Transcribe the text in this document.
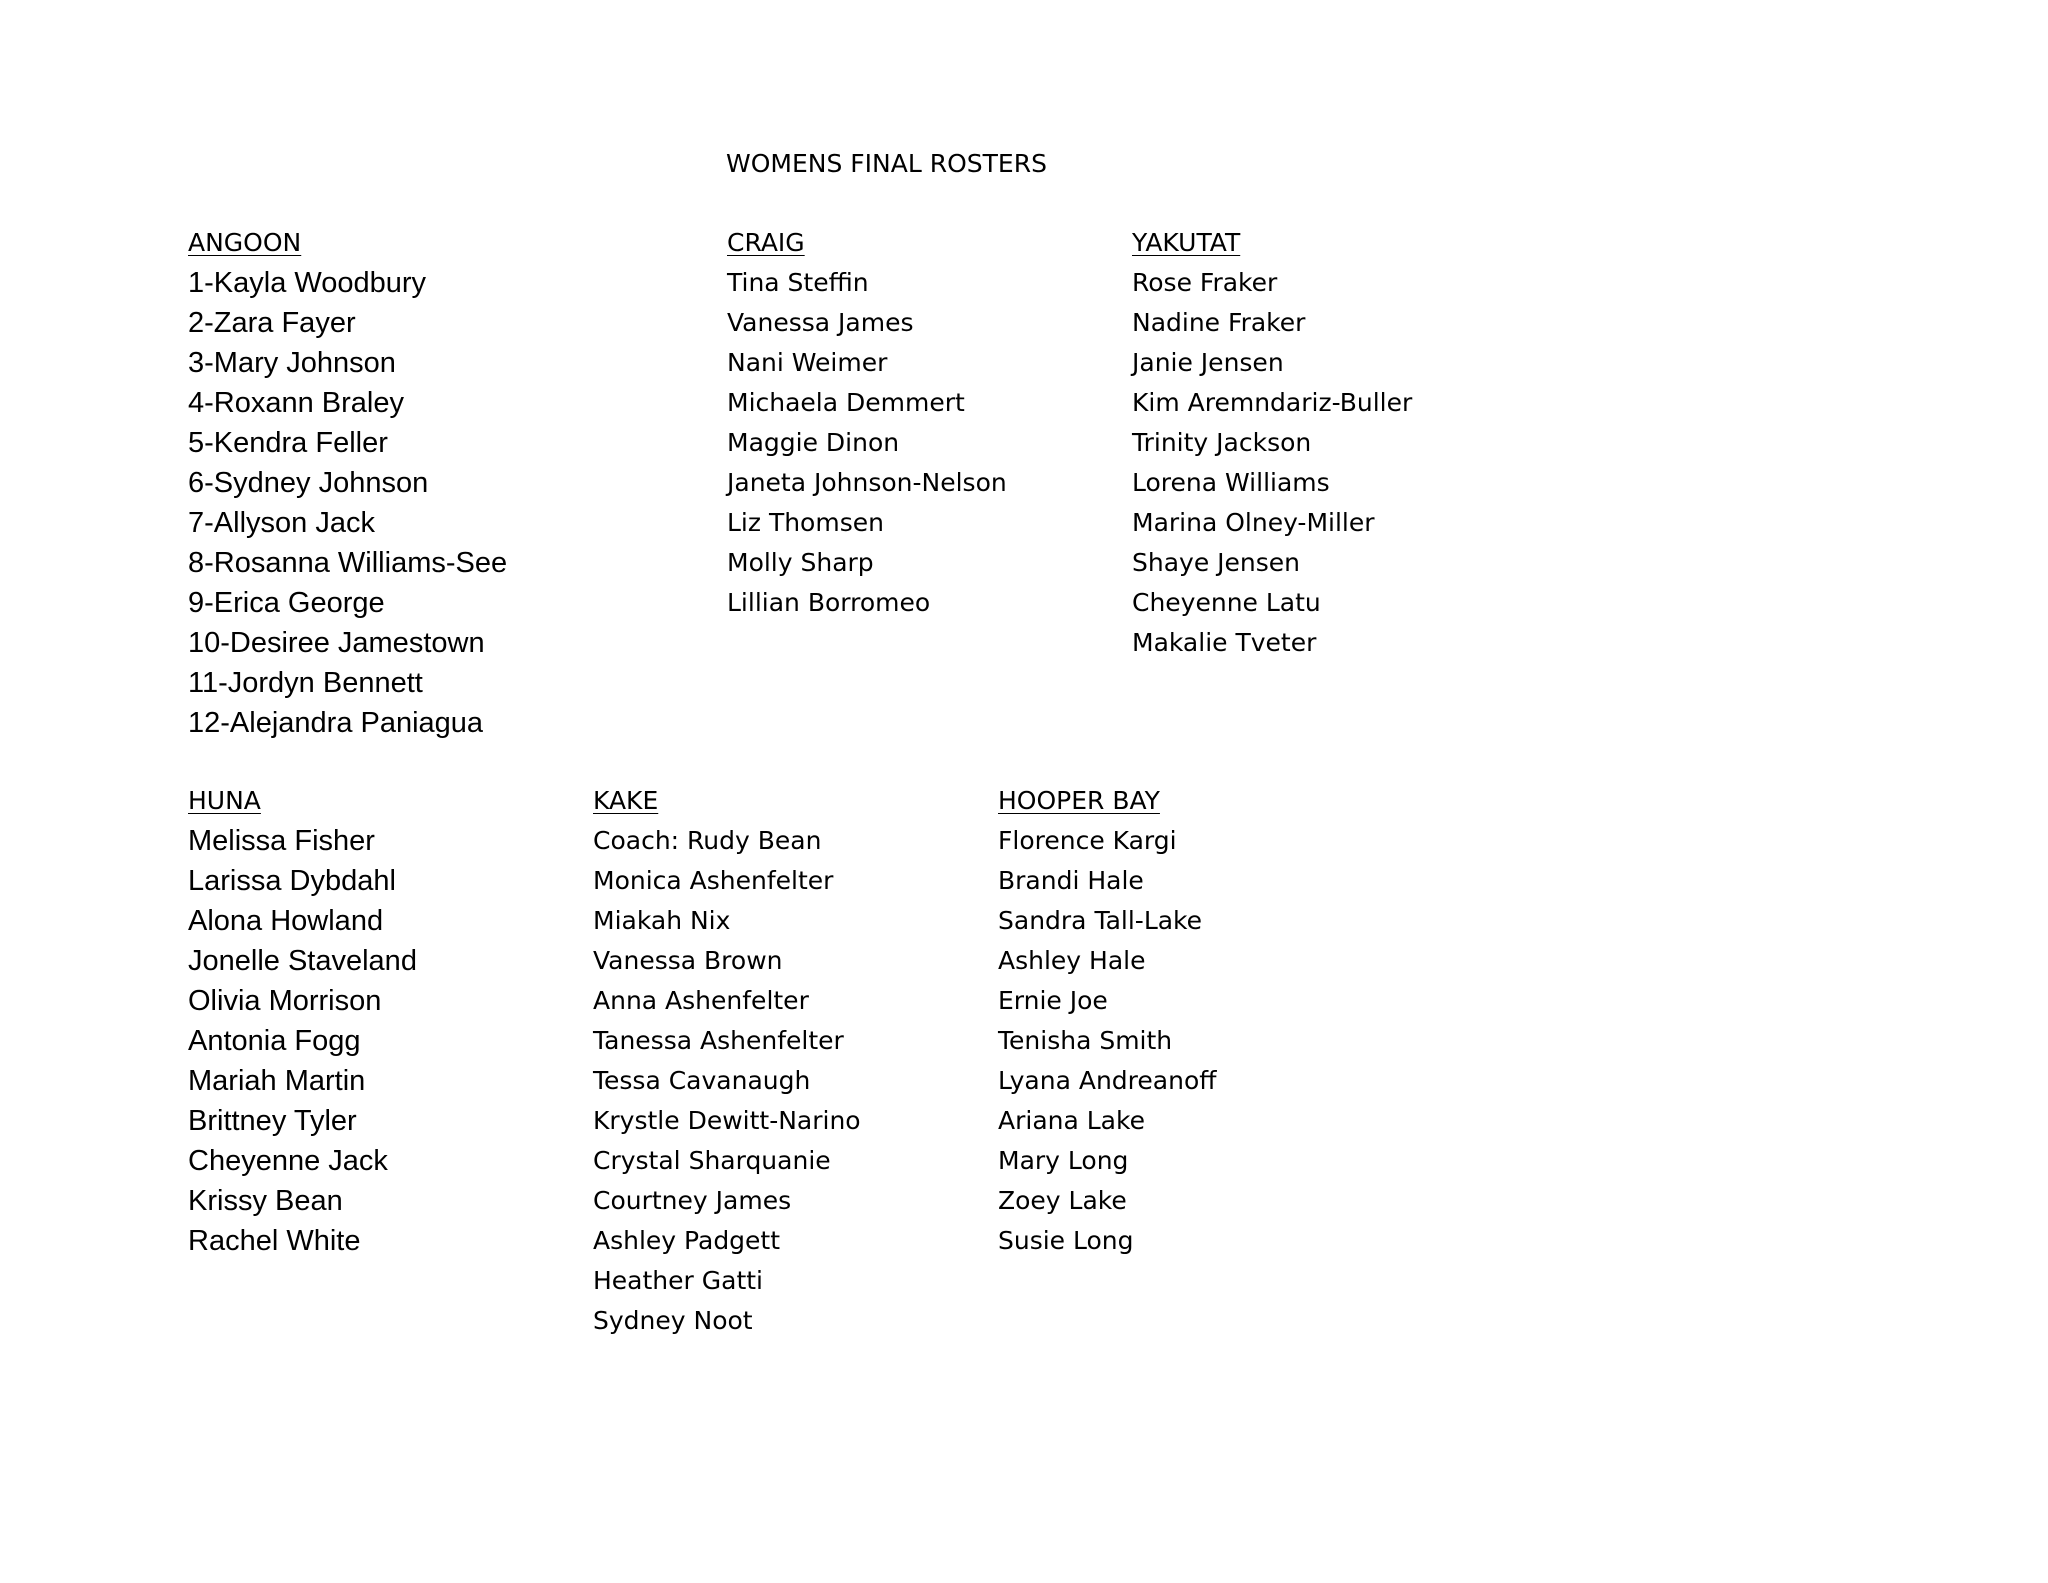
WOMENS FINAL ROSTERS
ANGOON
1-Kayla Woodbury
2-Zara Fayer
3-Mary Johnson
4-Roxann Braley
5-Kendra Feller
6-Sydney Johnson
7-Allyson Jack
8-Rosanna Williams-See
9-Erica George
10-Desiree Jamestown
11-Jordyn Bennett
12-Alejandra Paniagua
CRAIG
Tina Steffin
Vanessa James
Nani Weimer
Michaela Demmert
Maggie Dinon
Janeta Johnson-Nelson
Liz Thomsen
Molly Sharp
Lillian Borromeo
YAKUTAT
Rose Fraker
Nadine Fraker
Janie Jensen
Kim Aremndariz-Buller
Trinity Jackson
Lorena Williams
Marina Olney-Miller
Shaye Jensen
Cheyenne Latu
Makalie Tveter
HUNA
Melissa Fisher
Larissa Dybdahl
Alona Howland
Jonelle Staveland
Olivia Morrison
Antonia Fogg
Mariah Martin
Brittney Tyler
Cheyenne Jack
Krissy Bean
Rachel White
KAKE
Coach: Rudy Bean
Monica Ashenfelter
Miakah Nix
Vanessa Brown
Anna Ashenfelter
Tanessa Ashenfelter
Tessa Cavanaugh
Krystle Dewitt-Narino
Crystal Sharquanie
Courtney James
Ashley Padgett
Heather Gatti
Sydney Noot
HOOPER BAY
Florence Kargi
Brandi Hale
Sandra Tall-Lake
Ashley Hale
Ernie Joe
Tenisha Smith
Lyana Andreanoff
Ariana Lake
Mary Long
Zoey Lake
Susie Long
